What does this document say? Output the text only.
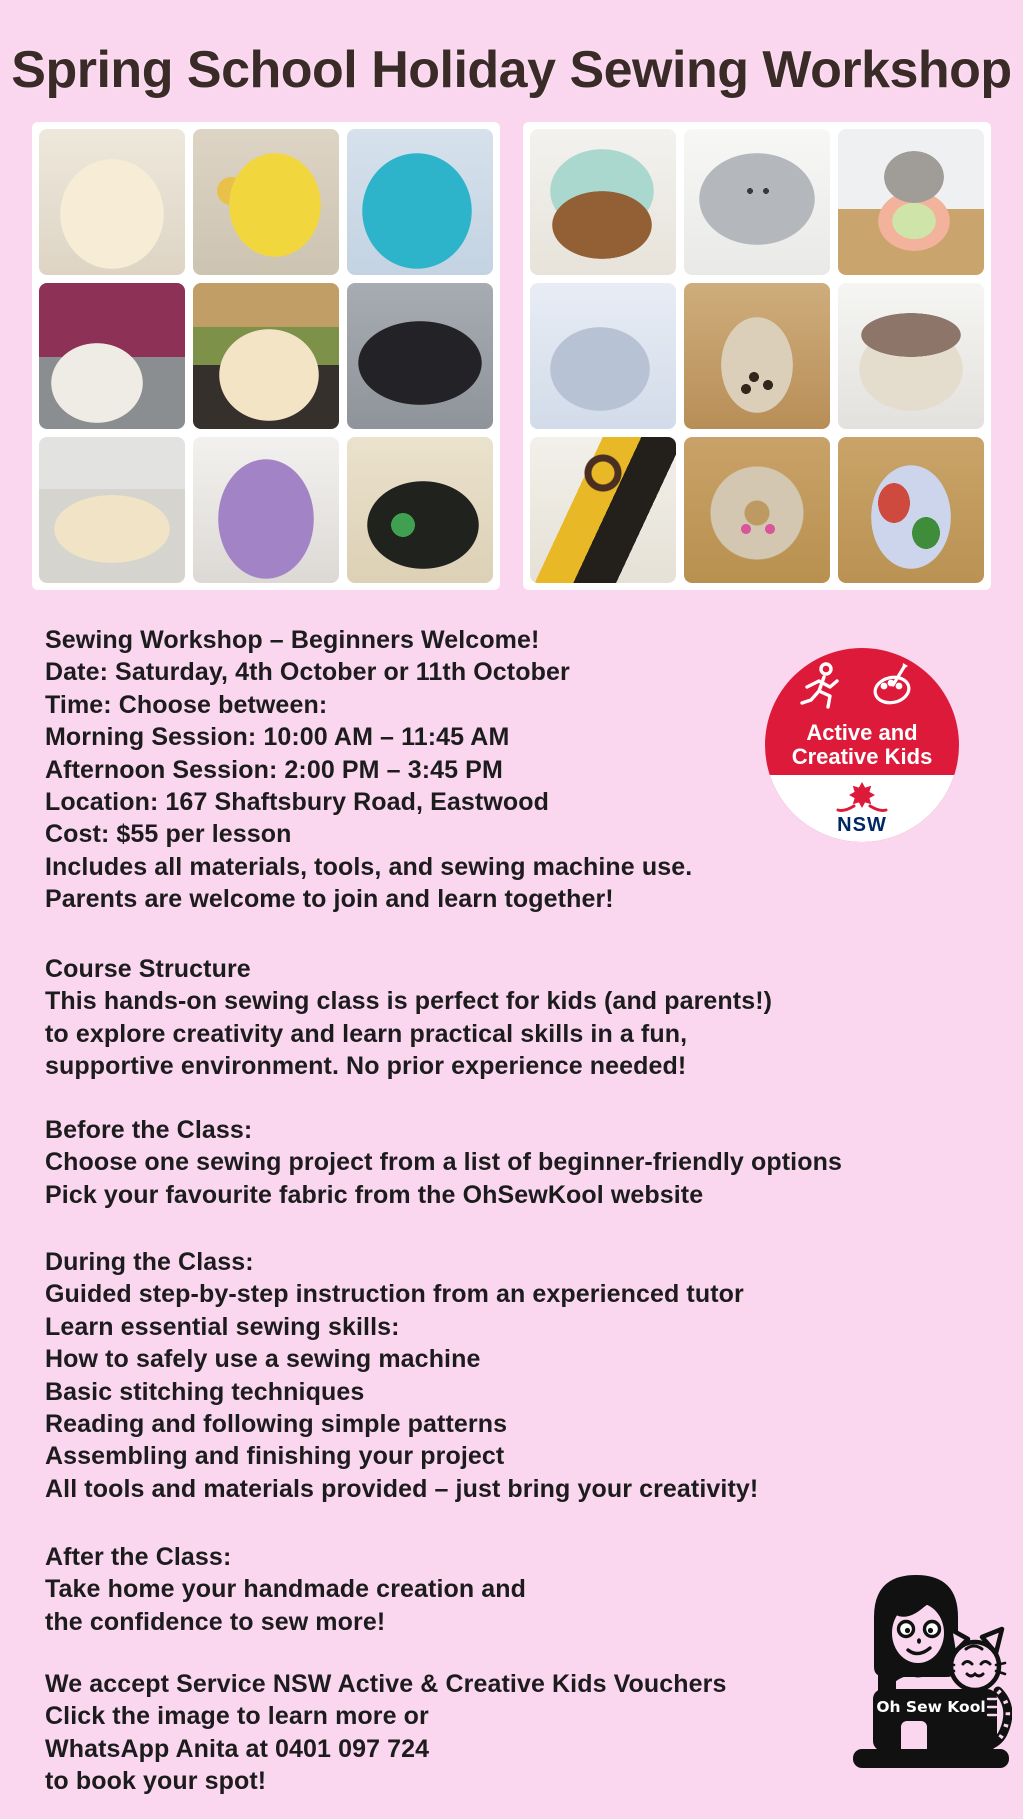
Spring School Holiday Sewing Workshop

Sewing Workshop – Beginners Welcome!

Date: Saturday, 4th October or 11th October

Time: Choose between:

Morning Session: 10:00 AM – 11:45 AM

Afternoon Session: 2:00 PM – 3:45 PM

Location: 167 Shaftsbury Road, Eastwood

Cost: $55 per lesson

Includes all materials, tools, and sewing machine use.

Parents are welcome to join and learn together!

Active and
Creative Kids
NSW

Course Structure

This hands-on sewing class is perfect for kids (and parents!)

to explore creativity and learn practical skills in a fun,

supportive environment. No prior experience needed!

Before the Class:

Choose one sewing project from a list of beginner-friendly options

Pick your favourite fabric from the OhSewKool website

During the Class:

Guided step-by-step instruction from an experienced tutor

Learn essential sewing skills:

How to safely use a sewing machine

Basic stitching techniques

Reading and following simple patterns

Assembling and finishing your project

All tools and materials provided – just bring your creativity!

After the Class:

Take home your handmade creation and

the confidence to sew more!

We accept Service NSW Active & Creative Kids Vouchers

Click the image to learn more or

WhatsApp Anita at 0401 097 724

to book your spot!

Oh Sew Kool
